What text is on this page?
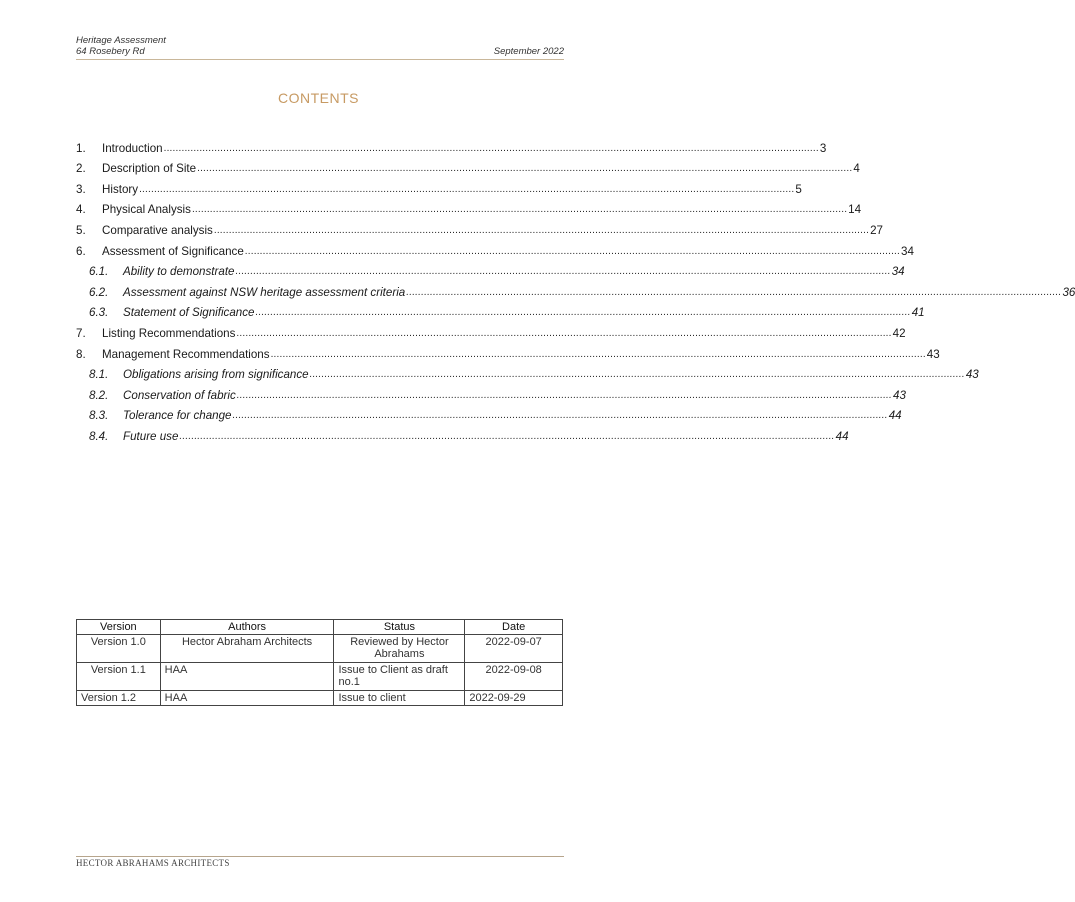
Heritage Assessment
64 Rosebery Rd	September 2022
CONTENTS
1.	Introduction ............................................................................................................................................................................................................................ 3
2.	Description of Site ............................................................................................................................................................................................................................ 4
3.	History ............................................................................................................................................................................................................................ 5
4.	Physical Analysis ............................................................................................................................................................................................................................ 14
5.	Comparative analysis ............................................................................................................................................................................................................................ 27
6.	Assessment of Significance ............................................................................................................................................................................................................................ 34
6.1.	Ability to demonstrate ............................................................................................................................................................................................................................ 34
6.2.	Assessment against NSW heritage assessment criteria ............................................................................................................................................................................................................................ 36
6.3.	Statement of Significance ............................................................................................................................................................................................................................ 41
7.	Listing Recommendations ............................................................................................................................................................................................................................ 42
8.	Management Recommendations ............................................................................................................................................................................................................................ 43
8.1.	Obligations arising from significance ............................................................................................................................................................................................................................ 43
8.2.	Conservation of fabric ............................................................................................................................................................................................................................ 43
8.3.	Tolerance for change ............................................................................................................................................................................................................................ 44
8.4.	Future use ............................................................................................................................................................................................................................ 44
Version	Authors	Status	Date
Version 1.0	Hector Abraham Architects	Reviewed by Hector Abrahams	2022-09-07
Version 1.1	HAA	Issue to Client as draft no.1	2022-09-08
Version 1.2	HAA	Issue to client	2022-09-29
HECTOR ABRAHAMS ARCHITECTS
